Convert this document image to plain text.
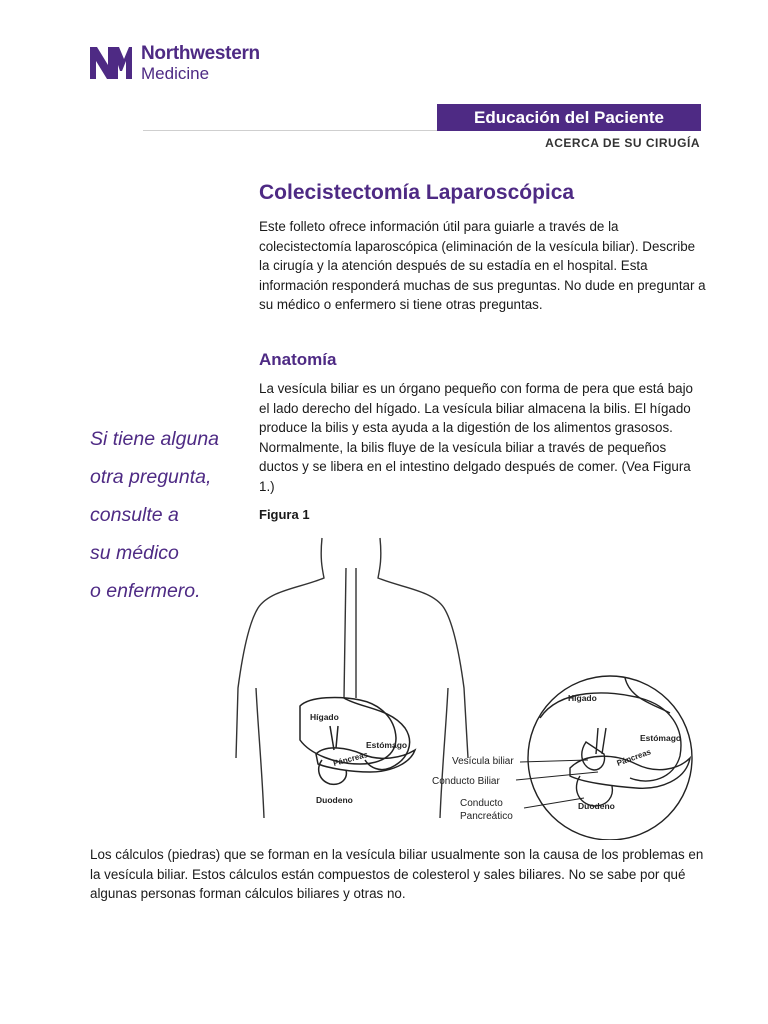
Northwestern
Medicine
Educación del Paciente
ACERCA DE SU CIRUGÍA
Colecistectomía Laparoscópica

Este folleto ofrece información útil para guiarle a través de la colecistectomía laparoscópica (eliminación de la vesícula biliar). Describe la cirugía y la atención después de su estadía en el hospital. Esta información responderá muchas de sus preguntas. No dude en preguntar a su médico o enfermero si tiene otras preguntas.

Anatomía

La vesícula biliar es un órgano pequeño con forma de pera que está bajo el lado derecho del hígado. La vesícula biliar almacena la bilis. El hígado produce la bilis y esta ayuda a la digestión de los alimentos grasosos. Normalmente, la bilis fluye de la vesícula biliar a través de pequeños ductos y se libera en el intestino delgado después de comer. (Vea Figura 1.)

Figura 1
Si tiene alguna
otra pregunta,
consulte a
su médico
o enfermero.
Hígado
Estómago
Páncreas
Duodeno
Hígado
Estómago
Páncreas
Duodeno
Vesícula biliar
Conducto Biliar
Conducto
Pancreático

Los cálculos (piedras) que se forman en la vesícula biliar usualmente son la causa de los problemas en la vesícula biliar. Estos cálculos están compuestos de colesterol y sales biliares. No se sabe por qué algunas personas forman cálculos biliares y otras no.
